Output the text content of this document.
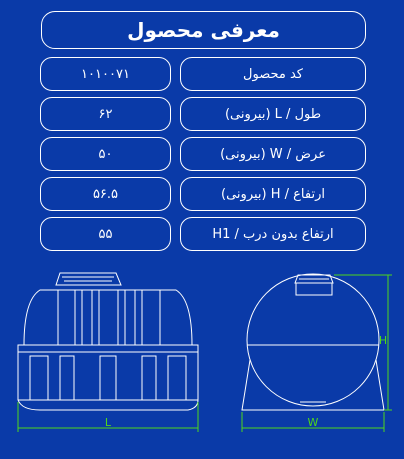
معرفی محصول
۱۰۱۰۰۷۱	کد محصول
۶۲	طول / L (بیرونی)
۵۰	عرض / W (بیرونی)
۵۶.۵	ارتفاع / H (بیرونی)
۵۵	ارتفاع بدون درب / H1
L	W
H
